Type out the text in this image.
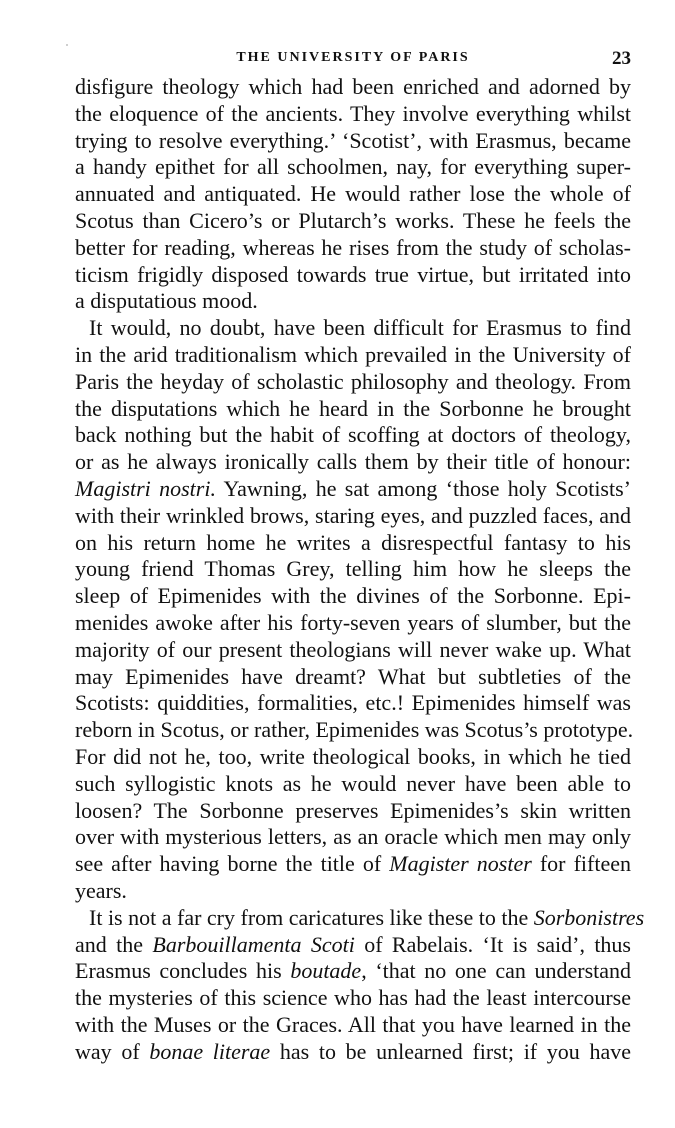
THE UNIVERSITY OF PARIS	23
disfigure theology which had been enriched and adorned by
the eloquence of the ancients. They involve everything whilst
trying to resolve everything.’ ‘Scotist’, with Erasmus, became
a handy epithet for all schoolmen, nay, for everything super-
annuated and antiquated. He would rather lose the whole of
Scotus than Cicero’s or Plutarch’s works. These he feels the
better for reading, whereas he rises from the study of scholas-
ticism frigidly disposed towards true virtue, but irritated into
a disputatious mood.
It would, no doubt, have been difficult for Erasmus to find
in the arid traditionalism which prevailed in the University of
Paris the heyday of scholastic philosophy and theology. From
the disputations which he heard in the Sorbonne he brought
back nothing but the habit of scoffing at doctors of theology,
or as he always ironically calls them by their title of honour:
Magistri nostri. Yawning, he sat among ‘those holy Scotists’
with their wrinkled brows, staring eyes, and puzzled faces, and
on his return home he writes a disrespectful fantasy to his
young friend Thomas Grey, telling him how he sleeps the
sleep of Epimenides with the divines of the Sorbonne. Epi-
menides awoke after his forty-seven years of slumber, but the
majority of our present theologians will never wake up. What
may Epimenides have dreamt? What but subtleties of the
Scotists: quiddities, formalities, etc.! Epimenides himself was
reborn in Scotus, or rather, Epimenides was Scotus’s prototype.
For did not he, too, write theological books, in which he tied
such syllogistic knots as he would never have been able to
loosen? The Sorbonne preserves Epimenides’s skin written
over with mysterious letters, as an oracle which men may only
see after having borne the title of Magister noster for fifteen
years.
It is not a far cry from caricatures like these to the Sorbonistres
and the Barbouillamenta Scoti of Rabelais. ‘It is said’, thus
Erasmus concludes his boutade, ‘that no one can understand
the mysteries of this science who has had the least intercourse
with the Muses or the Graces. All that you have learned in the
way of bonae literae has to be unlearned first; if you have
